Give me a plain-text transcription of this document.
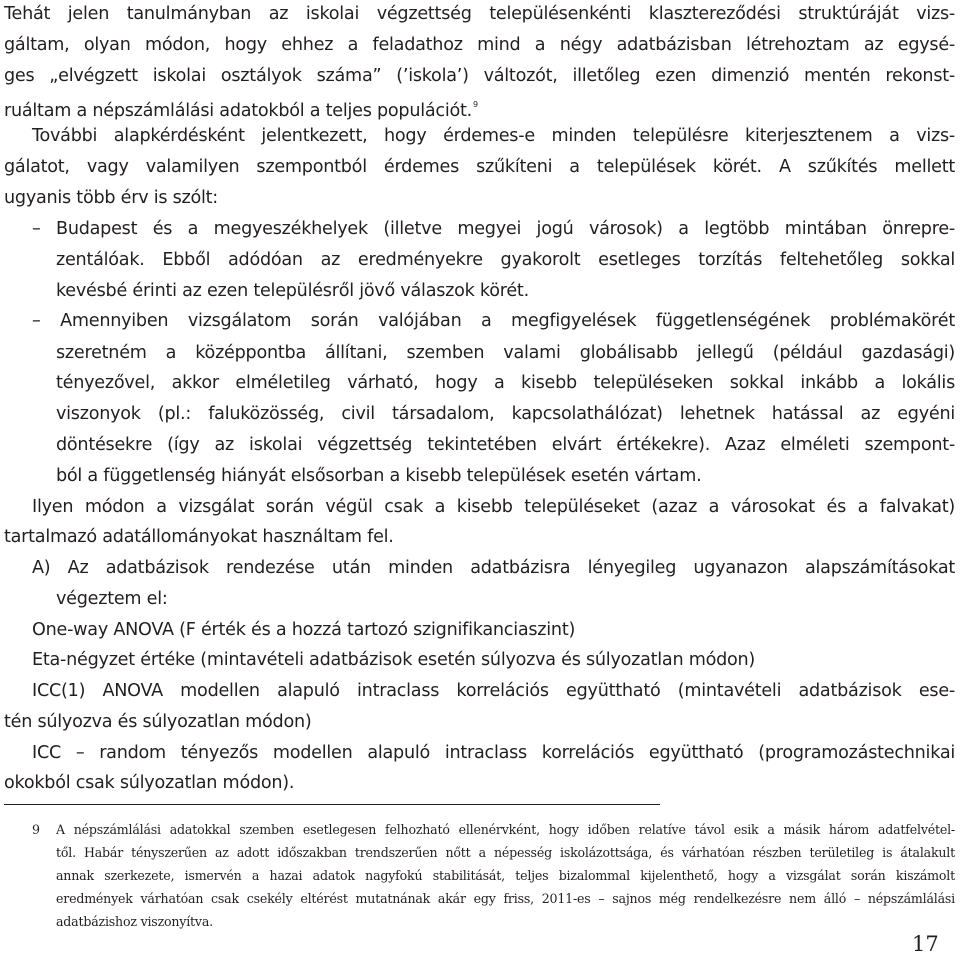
Tehát jelen tanulmányban az iskolai végzettség településenkénti klasztereződési struktúráját vizs-
gáltam, olyan módon, hogy ehhez a feladathoz mind a négy adatbázisban létrehoztam az egysé-
ges „elvégzett iskolai osztályok száma” (’iskola’) változót, illetőleg ezen dimenzió mentén rekonst-
ruáltam a népszámlálási adatokból a teljes populációt.$^9$
További alapkérdésként jelentkezett, hogy érdemes-e minden településre kiterjesztenem a vizs-
gálatot, vagy valamilyen szempontból érdemes szűkíteni a települések körét. A szűkítés mellett
ugyanis több érv is szólt:
– Budapest és a megyeszékhelyek (illetve megyei jogú városok) a legtöbb mintában önrepre-
zentálóak. Ebből adódóan az eredményekre gyakorolt esetleges torzítás feltehetőleg sokkal
kevésbé érinti az ezen településről jövő válaszok körét.
– Amennyiben vizsgálatom során valójában a megfigyelések függetlenségének problémakörét
szeretném a középpontba állítani, szemben valami globálisabb jellegű (például gazdasági)
tényezővel, akkor elméletileg várható, hogy a kisebb településeken sokkal inkább a lokális
viszonyok (pl.: faluközösség, civil társadalom, kapcsolathálózat) lehetnek hatással az egyéni
döntésekre (így az iskolai végzettség tekintetében elvárt értékekre). Azaz elméleti szempont-
ból a függetlenség hiányát elsősorban a kisebb települések esetén vártam.
Ilyen módon a vizsgálat során végül csak a kisebb településeket (azaz a városokat és a falvakat)
tartalmazó adatállományokat használtam fel.
A) Az adatbázisok rendezése után minden adatbázisra lényegileg ugyanazon alapszámításokat
végeztem el:
One-way ANOVA (F érték és a hozzá tartozó szignifikanciaszint)
Eta-négyzet értéke (mintavételi adatbázisok esetén súlyozva és súlyozatlan módon)
ICC(1) ANOVA modellen alapuló intraclass korrelációs együttható (mintavételi adatbázisok ese-
tén súlyozva és súlyozatlan módon)
ICC – random tényezős modellen alapuló intraclass korrelációs együttható (programozástechnikai
okokból csak súlyozatlan módon).
9 A népszámlálási adatokkal szemben esetlegesen felhozható ellenérvként, hogy időben relatíve távol esik a másik három adatfelvétel-
től. Habár tényszerűen az adott időszakban trendszerűen nőtt a népesség iskolázottsága, és várhatóan részben területileg is átalakult
annak szerkezete, ismervén a hazai adatok nagyfokú stabilitását, teljes bizalommal kijelenthető, hogy a vizsgálat során kiszámolt
eredmények várhatóan csak csekély eltérést mutatnának akár egy friss, 2011-es – sajnos még rendelkezésre nem álló – népszámlálási
adatbázishoz viszonyítva.
17
